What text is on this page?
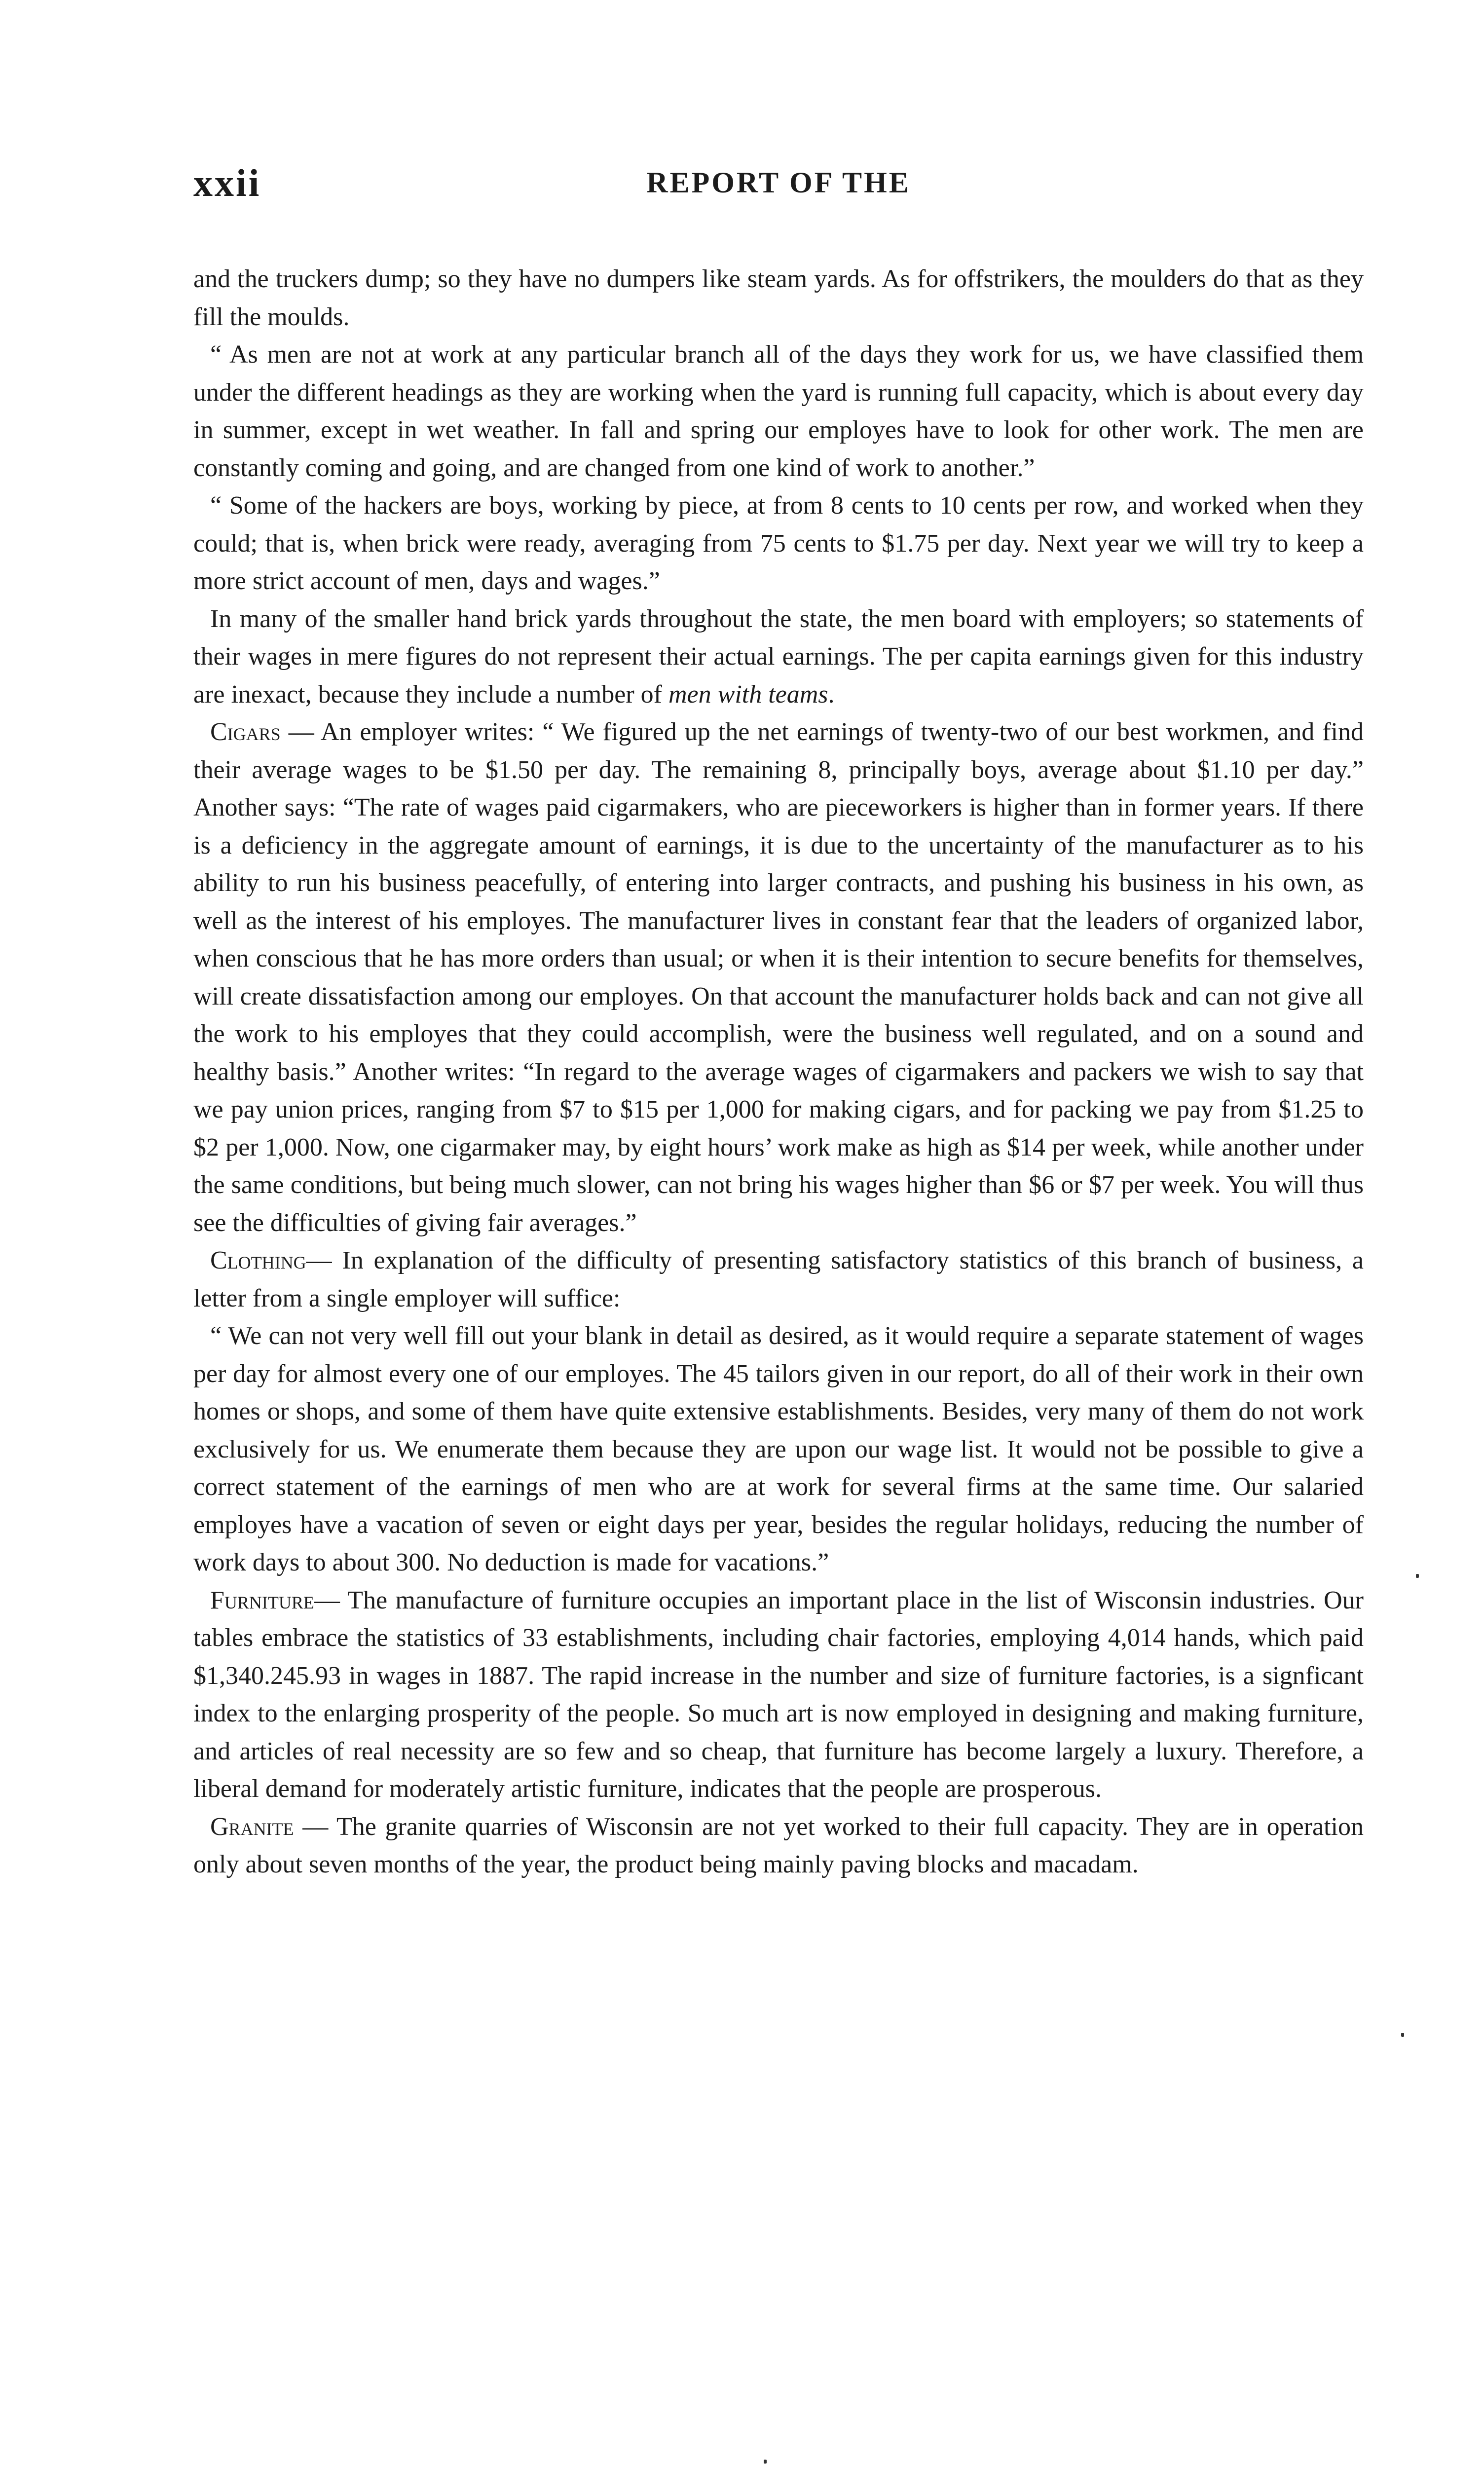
xxii	REPORT OF THE

and the truckers dump; so they have no dumpers like steam yards. As for offstrikers, the moulders do that as they fill the moulds.

“ As men are not at work at any particular branch all of the days they work for us, we have classified them under the different headings as they are working when the yard is running full capacity, which is about every day in summer, except in wet weather. In fall and spring our employes have to look for other work. The men are constantly coming and going, and are changed from one kind of work to another.”

“ Some of the hackers are boys, working by piece, at from 8 cents to 10 cents per row, and worked when they could; that is, when brick were ready, averaging from 75 cents to $1.75 per day. Next year we will try to keep a more strict account of men, days and wages.”

In many of the smaller hand brick yards throughout the state, the men board with employers; so statements of their wages in mere figures do not represent their actual earnings. The per capita earnings given for this industry are inexact, because they include a number of men with teams.

Cigars — An employer writes: “ We figured up the net earnings of twenty-two of our best workmen, and find their average wages to be $1.50 per day. The remaining 8, principally boys, average about $1.10 per day.” Another says: “The rate of wages paid cigarmakers, who are pieceworkers is higher than in former years. If there is a deficiency in the aggregate amount of earnings, it is due to the uncertainty of the manufacturer as to his ability to run his business peacefully, of entering into larger contracts, and pushing his business in his own, as well as the interest of his employes. The manufacturer lives in constant fear that the leaders of organized labor, when conscious that he has more orders than usual; or when it is their intention to secure benefits for themselves, will create dissatisfaction among our employes. On that account the manufacturer holds back and can not give all the work to his employes that they could accomplish, were the business well regulated, and on a sound and healthy basis.” Another writes: “In regard to the average wages of cigarmakers and packers we wish to say that we pay union prices, ranging from $7 to $15 per 1,000 for making cigars, and for packing we pay from $1.25 to $2 per 1,000. Now, one cigarmaker may, by eight hours’ work make as high as $14 per week, while another under the same conditions, but being much slower, can not bring his wages higher than $6 or $7 per week. You will thus see the difficulties of giving fair averages.”

Clothing— In explanation of the difficulty of presenting satisfactory statistics of this branch of business, a letter from a single employer will suffice:

“ We can not very well fill out your blank in detail as desired, as it would require a separate statement of wages per day for almost every one of our employes. The 45 tailors given in our report, do all of their work in their own homes or shops, and some of them have quite extensive establishments. Besides, very many of them do not work exclusively for us. We enumerate them because they are upon our wage list. It would not be possible to give a correct statement of the earnings of men who are at work for several firms at the same time. Our salaried employes have a vacation of seven or eight days per year, besides the regular holidays, reducing the number of work days to about 300. No deduction is made for vacations.”

Furniture— The manufacture of furniture occupies an important place in the list of Wisconsin industries. Our tables embrace the statistics of 33 establishments, including chair factories, employing 4,014 hands, which paid $1,340.245.93 in wages in 1887. The rapid increase in the number and size of furniture factories, is a signficant index to the enlarging prosperity of the people. So much art is now employed in designing and making furniture, and articles of real necessity are so few and so cheap, that furniture has become largely a luxury. Therefore, a liberal demand for moderately artistic furniture, indicates that the people are prosperous.

Granite — The granite quarries of Wisconsin are not yet worked to their full capacity. They are in operation only about seven months of the year, the product being mainly paving blocks and macadam.
